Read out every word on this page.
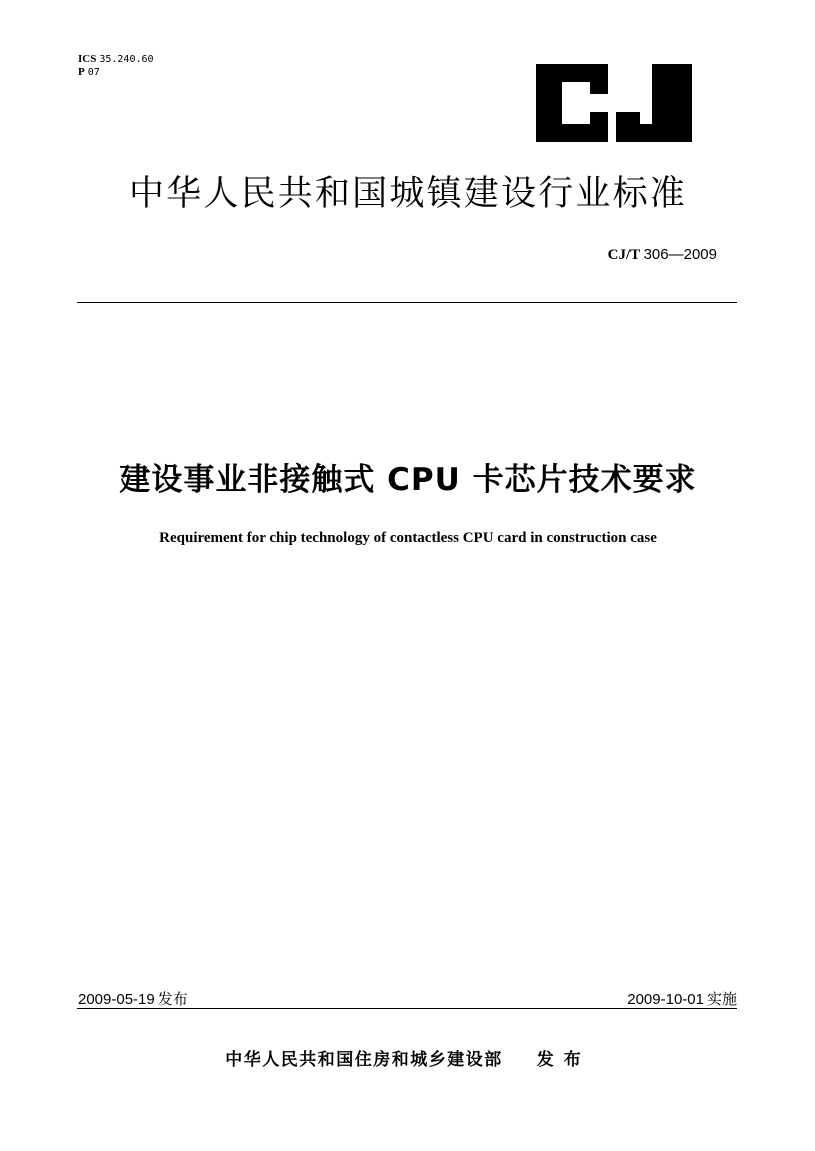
ICS 35.240.60
P 07
中华人民共和国城镇建设行业标准
CJ/T 306—2009
建设事业非接触式 CPU 卡芯片技术要求
Requirement for chip technology of contactless CPU card in construction case
2009-05-19 发布	2009-10-01 实施
中华人民共和国住房和城乡建设部 发布
